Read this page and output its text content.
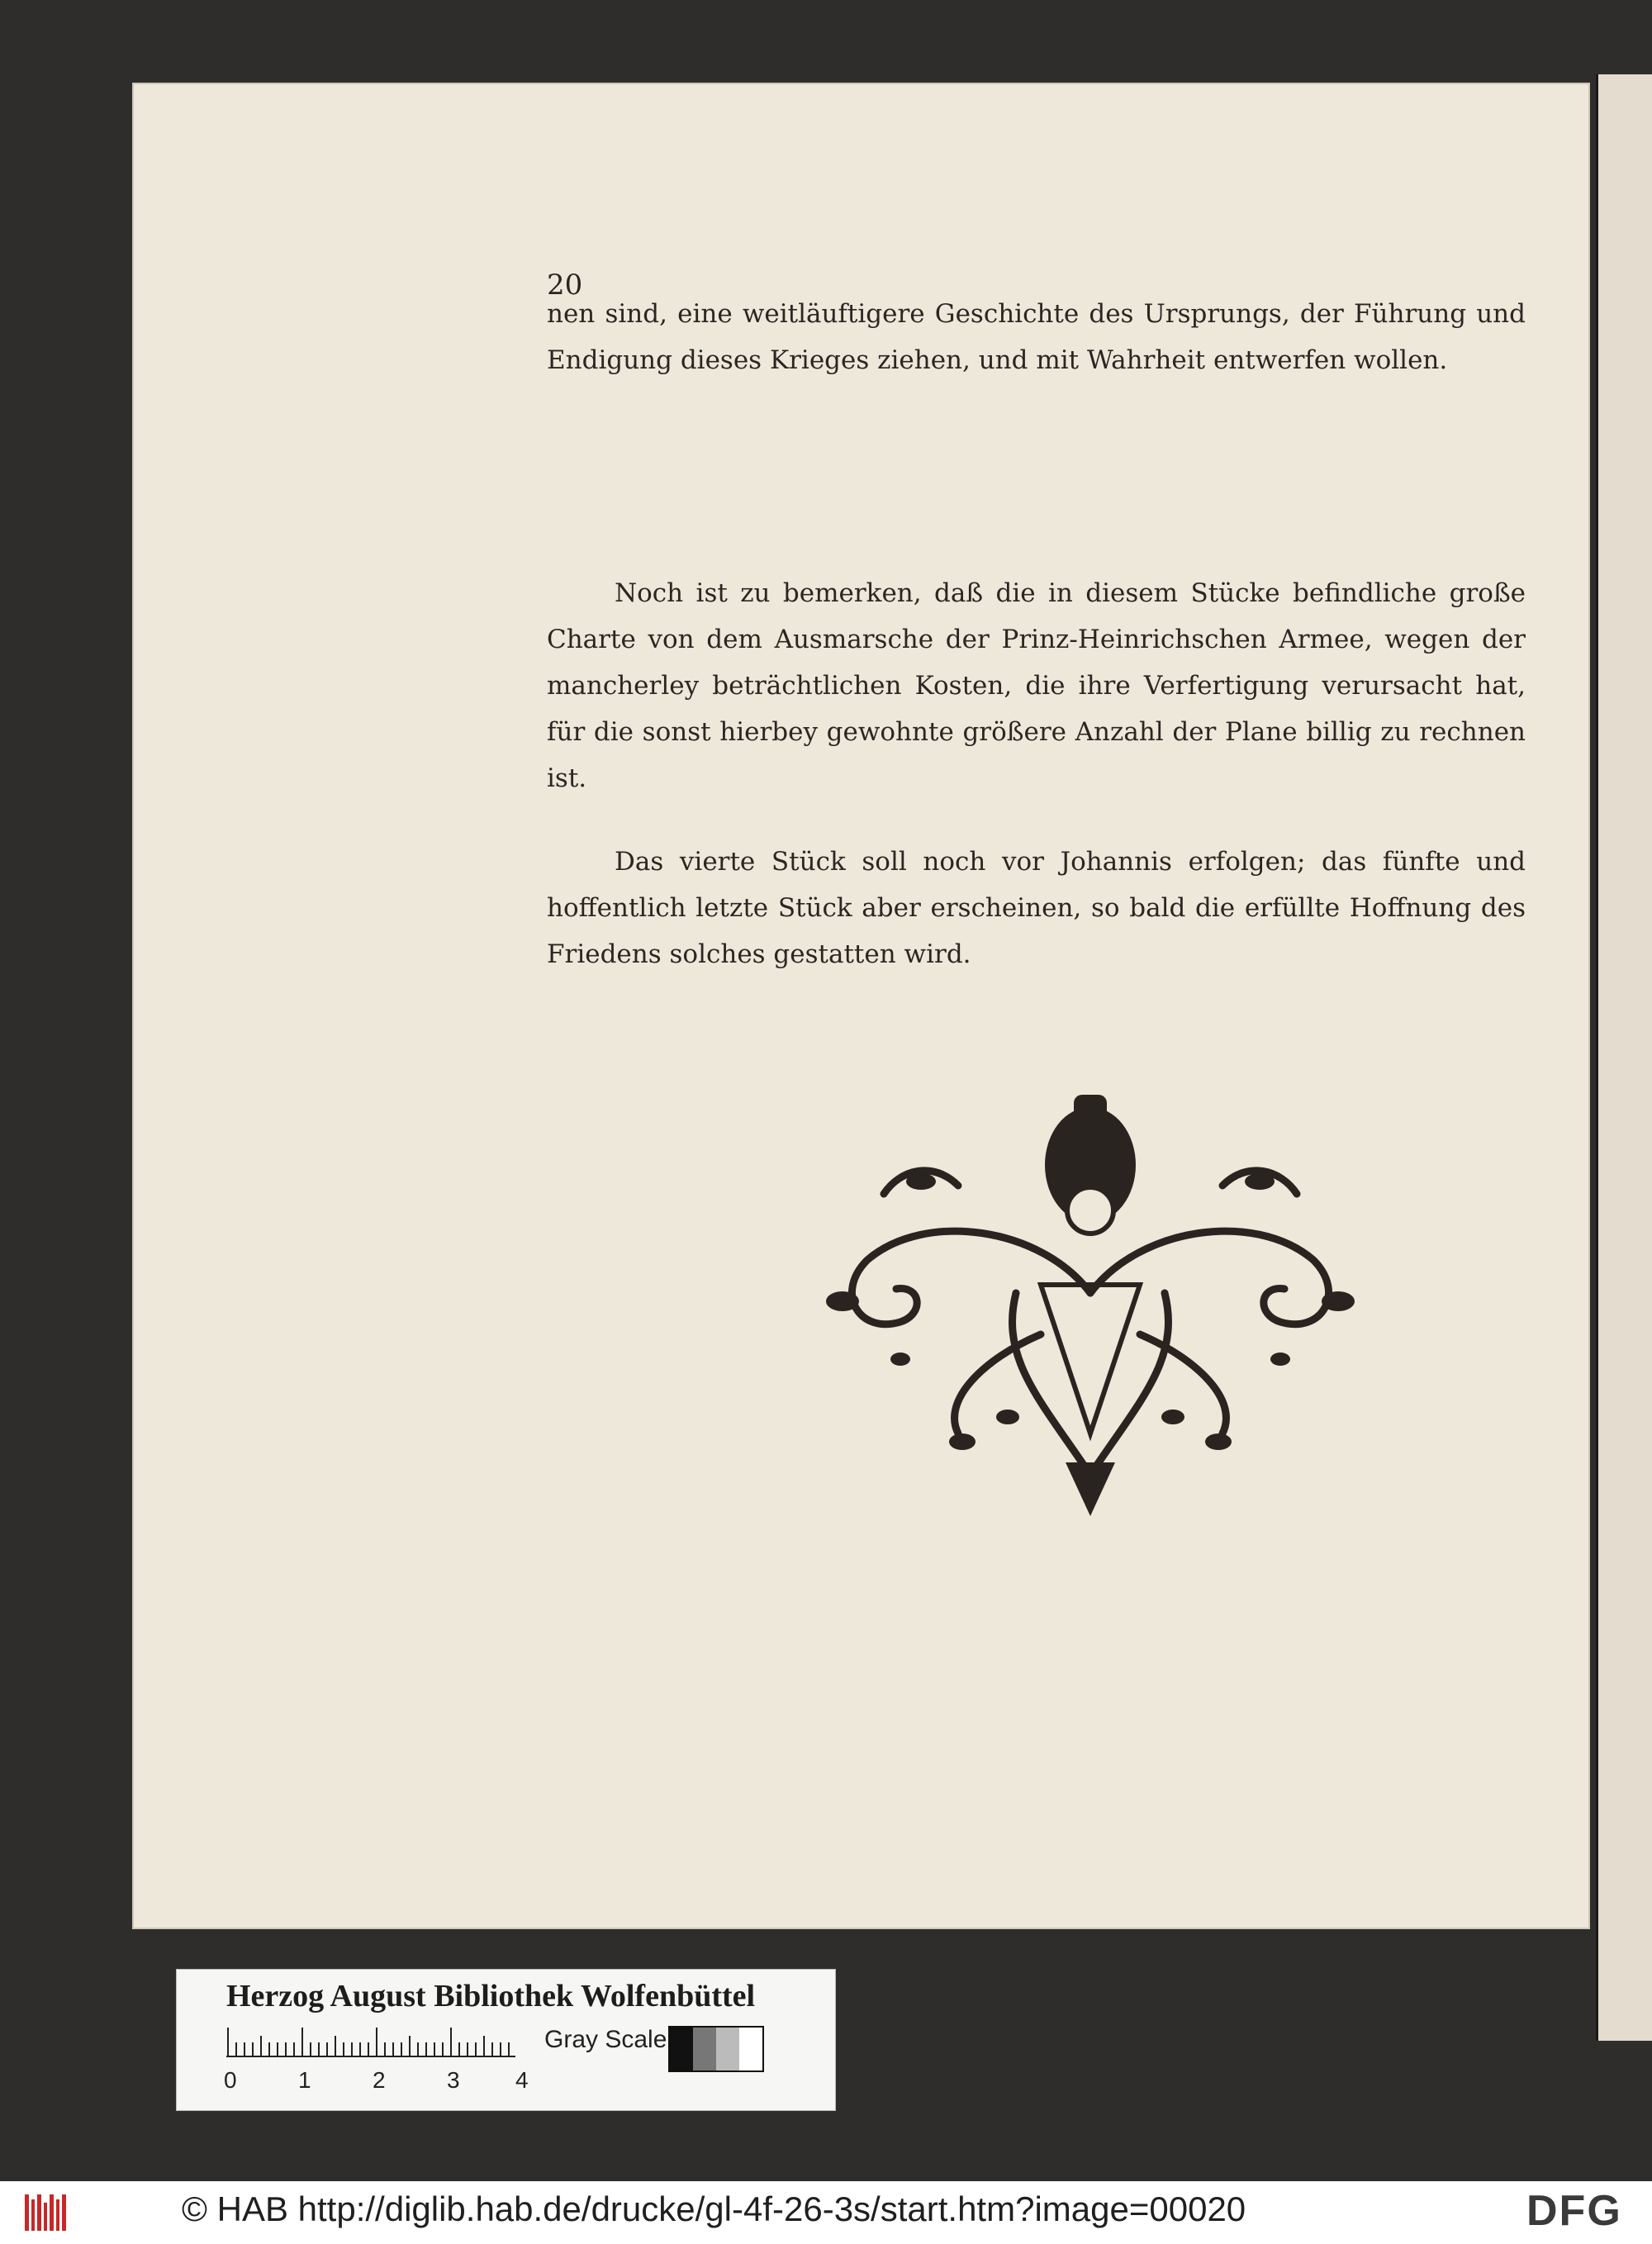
20
nen sind, eine weitläuftigere Geschichte des Ursprungs, der Führung und Endigung dieses Krieges ziehen, und mit Wahrheit entwerfen wollen.
Noch ist zu bemerken, daß die in diesem Stücke befindliche große Charte von dem Ausmarsche der Prinz-Heinrichschen Armee, wegen der mancherley beträchtlichen Kosten, die ihre Verfertigung verursacht hat, für die sonst hierbey gewohnte größere Anzahl der Plane billig zu rechnen ist.
Das vierte Stück soll noch vor Johannis erfolgen; das fünfte und hoffentlich letzte Stück aber erscheinen, so bald die erfüllte Hoffnung des Friedens solches gestatten wird.
Herzog August Bibliothek Wolfenbüttel
0	1	2	3 4
Gray Scale
© HAB http://diglib.hab.de/drucke/gl-4f-26-3s/start.htm?image=00020	DFG
